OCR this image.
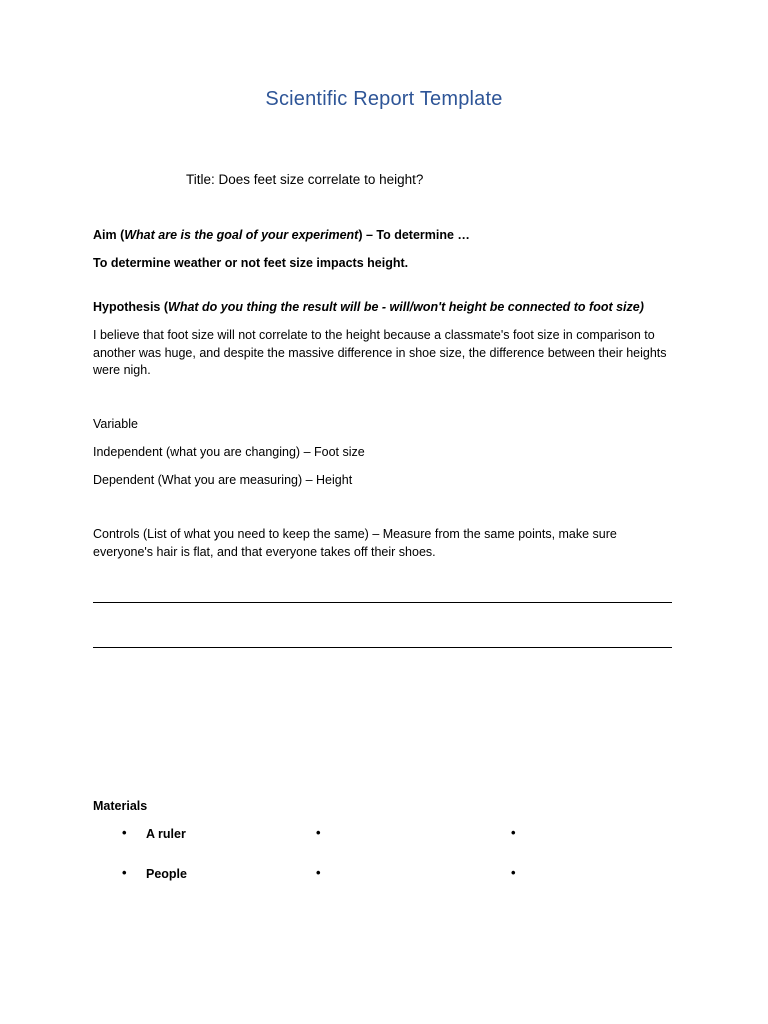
Scientific Report Template
Title: Does feet size correlate to height?
Aim (What are is the goal of your experiment) – To determine …
To determine weather or not feet size impacts height.
Hypothesis (What do you thing the result will be - will/won't height be connected to foot size)
I believe that foot size will not correlate to the height because a classmate's foot size in comparison to another was huge, and despite the massive difference in shoe size, the difference between their heights were nigh.
Variable
Independent (what you are changing) – Foot size
Dependent (What you are measuring) – Height
Controls (List of what you need to keep the same) – Measure from the same points, make sure everyone's hair is flat, and that everyone takes off their shoes.
Materials
• A ruler	•	•
• People	•	•
